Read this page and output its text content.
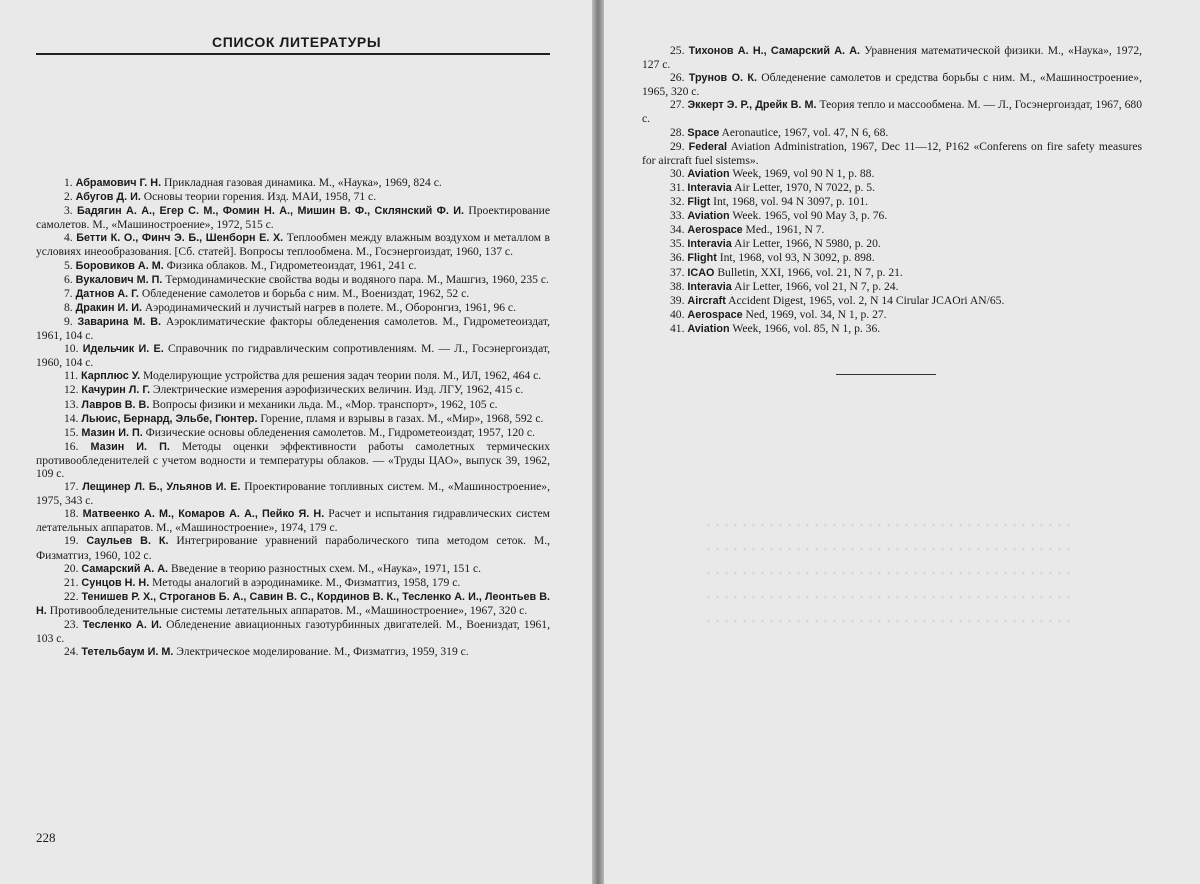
СПИСОК ЛИТЕРАТУРЫ
1. Абрамович Г. Н. Прикладная газовая динамика. М., «Наука», 1969, 824 с.
2. Абугов Д. И. Основы теории горения. Изд. МАИ, 1958, 71 с.
3. Бадягин А. А., Егер С. М., Фомин Н. А., Мишин В. Ф., Склянский Ф. И. Проектирование самолетов. М., «Машиностроение», 1972, 515 с.
4. Бетти К. О., Финч Э. Б., Шенборн Е. Х. Теплообмен между влажным воздухом и металлом в условиях инеообразования. [Сб. статей]. Вопросы теплообмена. М., Госэнергоиздат, 1960, 137 с.
5. Боровиков А. М. Физика облаков. М., Гидрометеоиздат, 1961, 241 с.
6. Вукалович М. П. Термодинамические свойства воды и водяного пара. М., Машгиз, 1960, 235 с.
7. Датнов А. Г. Обледенение самолетов и борьба с ним. М., Воениздат, 1962, 52 с.
8. Дракин И. И. Аэродинамический и лучистый нагрев в полете. М., Оборонгиз, 1961, 96 с.
9. Заварина М. В. Аэроклиматические факторы обледенения самолетов. М., Гидрометеоиздат, 1961, 104 с.
10. Идельчик И. Е. Справочник по гидравлическим сопротивлениям. М. — Л., Госэнергоиздат, 1960, 104 с.
11. Карплюс У. Моделирующие устройства для решения задач теории поля. М., ИЛ, 1962, 464 с.
12. Качурин Л. Г. Электрические измерения аэрофизических величин. Изд. ЛГУ, 1962, 415 с.
13. Лавров В. В. Вопросы физики и механики льда. М., «Мор. транспорт», 1962, 105 с.
14. Льюис, Бернард, Эльбе, Гюнтер. Горение, пламя и взрывы в газах. М., «Мир», 1968, 592 с.
15. Мазин И. П. Физические основы обледенения самолетов. М., Гидрометеоиздат, 1957, 120 с.
16. Мазин И. П. Методы оценки эффективности работы самолетных термических противообледенителей с учетом водности и температуры облаков. — «Труды ЦАО», выпуск 39, 1962, 109 с.
17. Лещинер Л. Б., Ульянов И. Е. Проектирование топливных систем. М., «Машиностроение», 1975, 343 с.
18. Матвеенко А. М., Комаров А. А., Пейко Я. Н. Расчет и испытания гидравлических систем летательных аппаратов. М., «Машиностроение», 1974, 179 с.
19. Саульев В. К. Интегрирование уравнений параболического типа методом сеток. М., Физматгиз, 1960, 102 с.
20. Самарский А. А. Введение в теорию разностных схем. М., «Наука», 1971, 151 с.
21. Сунцов Н. Н. Методы аналогий в аэродинамике. М., Физматгиз, 1958, 179 с.
22. Тенишев Р. Х., Строганов Б. А., Савин В. С., Кординов В. К., Тесленко А. И., Леонтьев В. Н. Противообледенительные системы летательных аппаратов. М., «Машиностроение», 1967, 320 с.
23. Тесленко А. И. Обледенение авиационных газотурбинных двигателей. М., Воениздат, 1961, 103 с.
24. Тетельбаум И. М. Электрическое моделирование. М., Физматгиз, 1959, 319 с.
228
25. Тихонов А. Н., Самарский А. А. Уравнения математической физики. М., «Наука», 1972, 127 с.
26. Трунов О. К. Обледенение самолетов и средства борьбы с ним. М., «Машиностроение», 1965, 320 с.
27. Эккерт Э. Р., Дрейк В. М. Теория тепло и массообмена. М. — Л., Госэнергоиздат, 1967, 680 с.
28. Space Aeronautice, 1967, vol. 47, N 6, 68.
29. Federal Aviation Administration, 1967, Dec 11—12, P162 «Conferens on fire safety measures for aircraft fuel sistems».
30. Aviation Week, 1969, vol 90 N 1, p. 88.
31. Interavia Air Letter, 1970, N 7022, p. 5.
32. Fligt Int, 1968, vol. 94 N 3097, p. 101.
33. Aviation Week. 1965, vol 90 May 3, p. 76.
34. Aerospace Med., 1961, N 7.
35. Interavia Air Letter, 1966, N 5980, p. 20.
36. Flight Int, 1968, vol 93, N 3092, p. 898.
37. ICAO Bulletin, XXI, 1966, vol. 21, N 7, p. 21.
38. Interavia Air Letter, 1966, vol 21, N 7, p. 24.
39. Aircraft Accident Digest, 1965, vol. 2, N 14 Cirular JCAOri AN/65.
40. Aerospace Ned, 1969, vol. 34, N 1, p. 27.
41. Aviation Week, 1966, vol. 85, N 1, p. 36.
